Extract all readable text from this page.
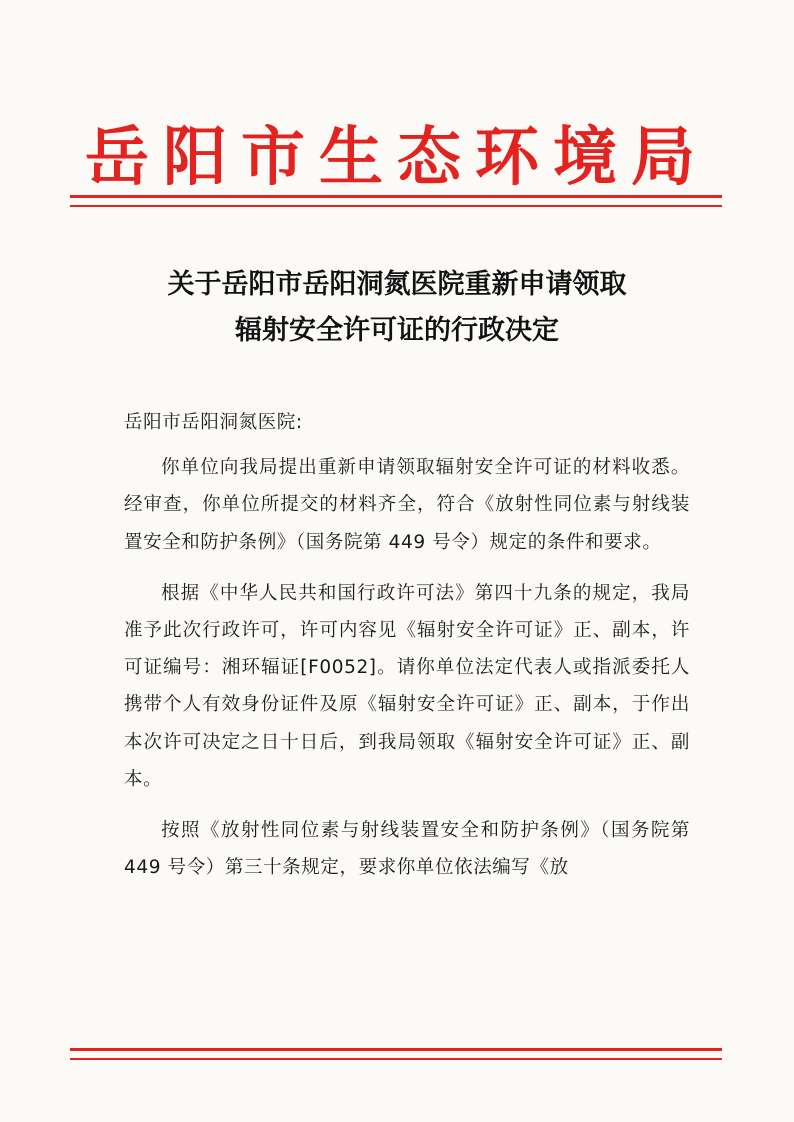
岳阳市生态环境局
关于岳阳市岳阳洞氮医院重新申请领取
辐射安全许可证的行政决定

岳阳市岳阳洞氮医院:

你单位向我局提出重新申请领取辐射安全许可证的材料收悉。经审查，你单位所提交的材料齐全，符合《放射性同位素与射线装置安全和防护条例》（国务院第 449 号令）规定的条件和要求。

根据《中华人民共和国行政许可法》第四十九条的规定，我局准予此次行政许可，许可内容见《辐射安全许可证》正、副本，许可证编号：湘环辐证[F0052]。请你单位法定代表人或指派委托人携带个人有效身份证件及原《辐射安全许可证》正、副本，于作出本次许可决定之日十日后，到我局领取《辐射安全许可证》正、副本。

按照《放射性同位素与射线装置安全和防护条例》（国务院第 449 号令）第三十条规定，要求你单位依法编写《放
